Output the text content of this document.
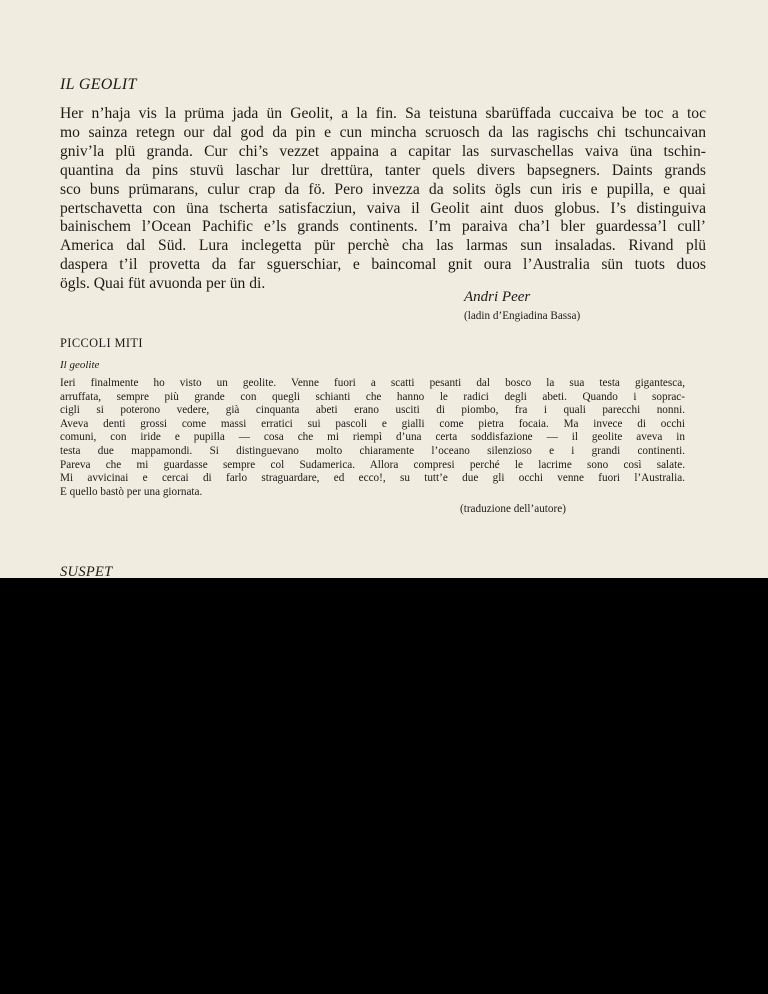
IL GEOLIT
Her n’haja vis la prüma jada ün Geolit, a la fin. Sa teistuna sbarüffada cuccaiva be toc a toc
mo sainza retegn our dal god da pin e cun mincha scruosch da las ragischs chi tschuncaivan
gniv’la plü granda. Cur chi’s vezzet appaina a capitar las survaschellas vaiva üna tschin-
quantina da pins stuvü laschar lur drettüra, tanter quels divers bapsegners. Daints grands
sco buns prümarans, culur crap da fö. Pero invezza da solits ögls cun iris e pupilla, e quai
pertschavetta con üna tscherta satisfacziun, vaiva il Geolit aint duos globus. I’s distinguiva
bainischem l’Ocean Pachific e’ls grands continents. I’m paraiva cha’l bler guardessa’l cull’
America dal Süd. Lura inclegetta pür perchè cha las larmas sun insaladas. Rivand plü
daspera t’il provetta da far sguerschiar, e baincomal gnit oura l’Australia sün tuots duos
ögls. Quai füt avuonda per ün di.
Andri Peer
(ladin d’Engiadina Bassa)
PICCOLI MITI
Il geolite
Ieri finalmente ho visto un geolite. Venne fuori a scatti pesanti dal bosco la sua testa gigantesca,
arruffata, sempre più grande con quegli schianti che hanno le radici degli abeti. Quando i soprac-
cigli si poterono vedere, già cinquanta abeti erano usciti di piombo, fra i quali parecchi nonni.
Aveva denti grossi come massi erratici sui pascoli e gialli come pietra focaia. Ma invece di occhi
comuni, con iride e pupilla — cosa che mi riempì d’una certa soddisfazione — il geolite aveva in
testa due mappamondi. Si distinguevano molto chiaramente l’oceano silenzioso e i grandi continenti.
Pareva che mi guardasse sempre col Sudamerica. Allora compresi perché le lacrime sono così salate.
Mi avvicinai e cercai di farlo straguardare, ed ecco!, su tutt’e due gli occhi venne fuori l’Australia.
E quello bastò per una giornata.
(traduzione dell’autore)
SUSPET
